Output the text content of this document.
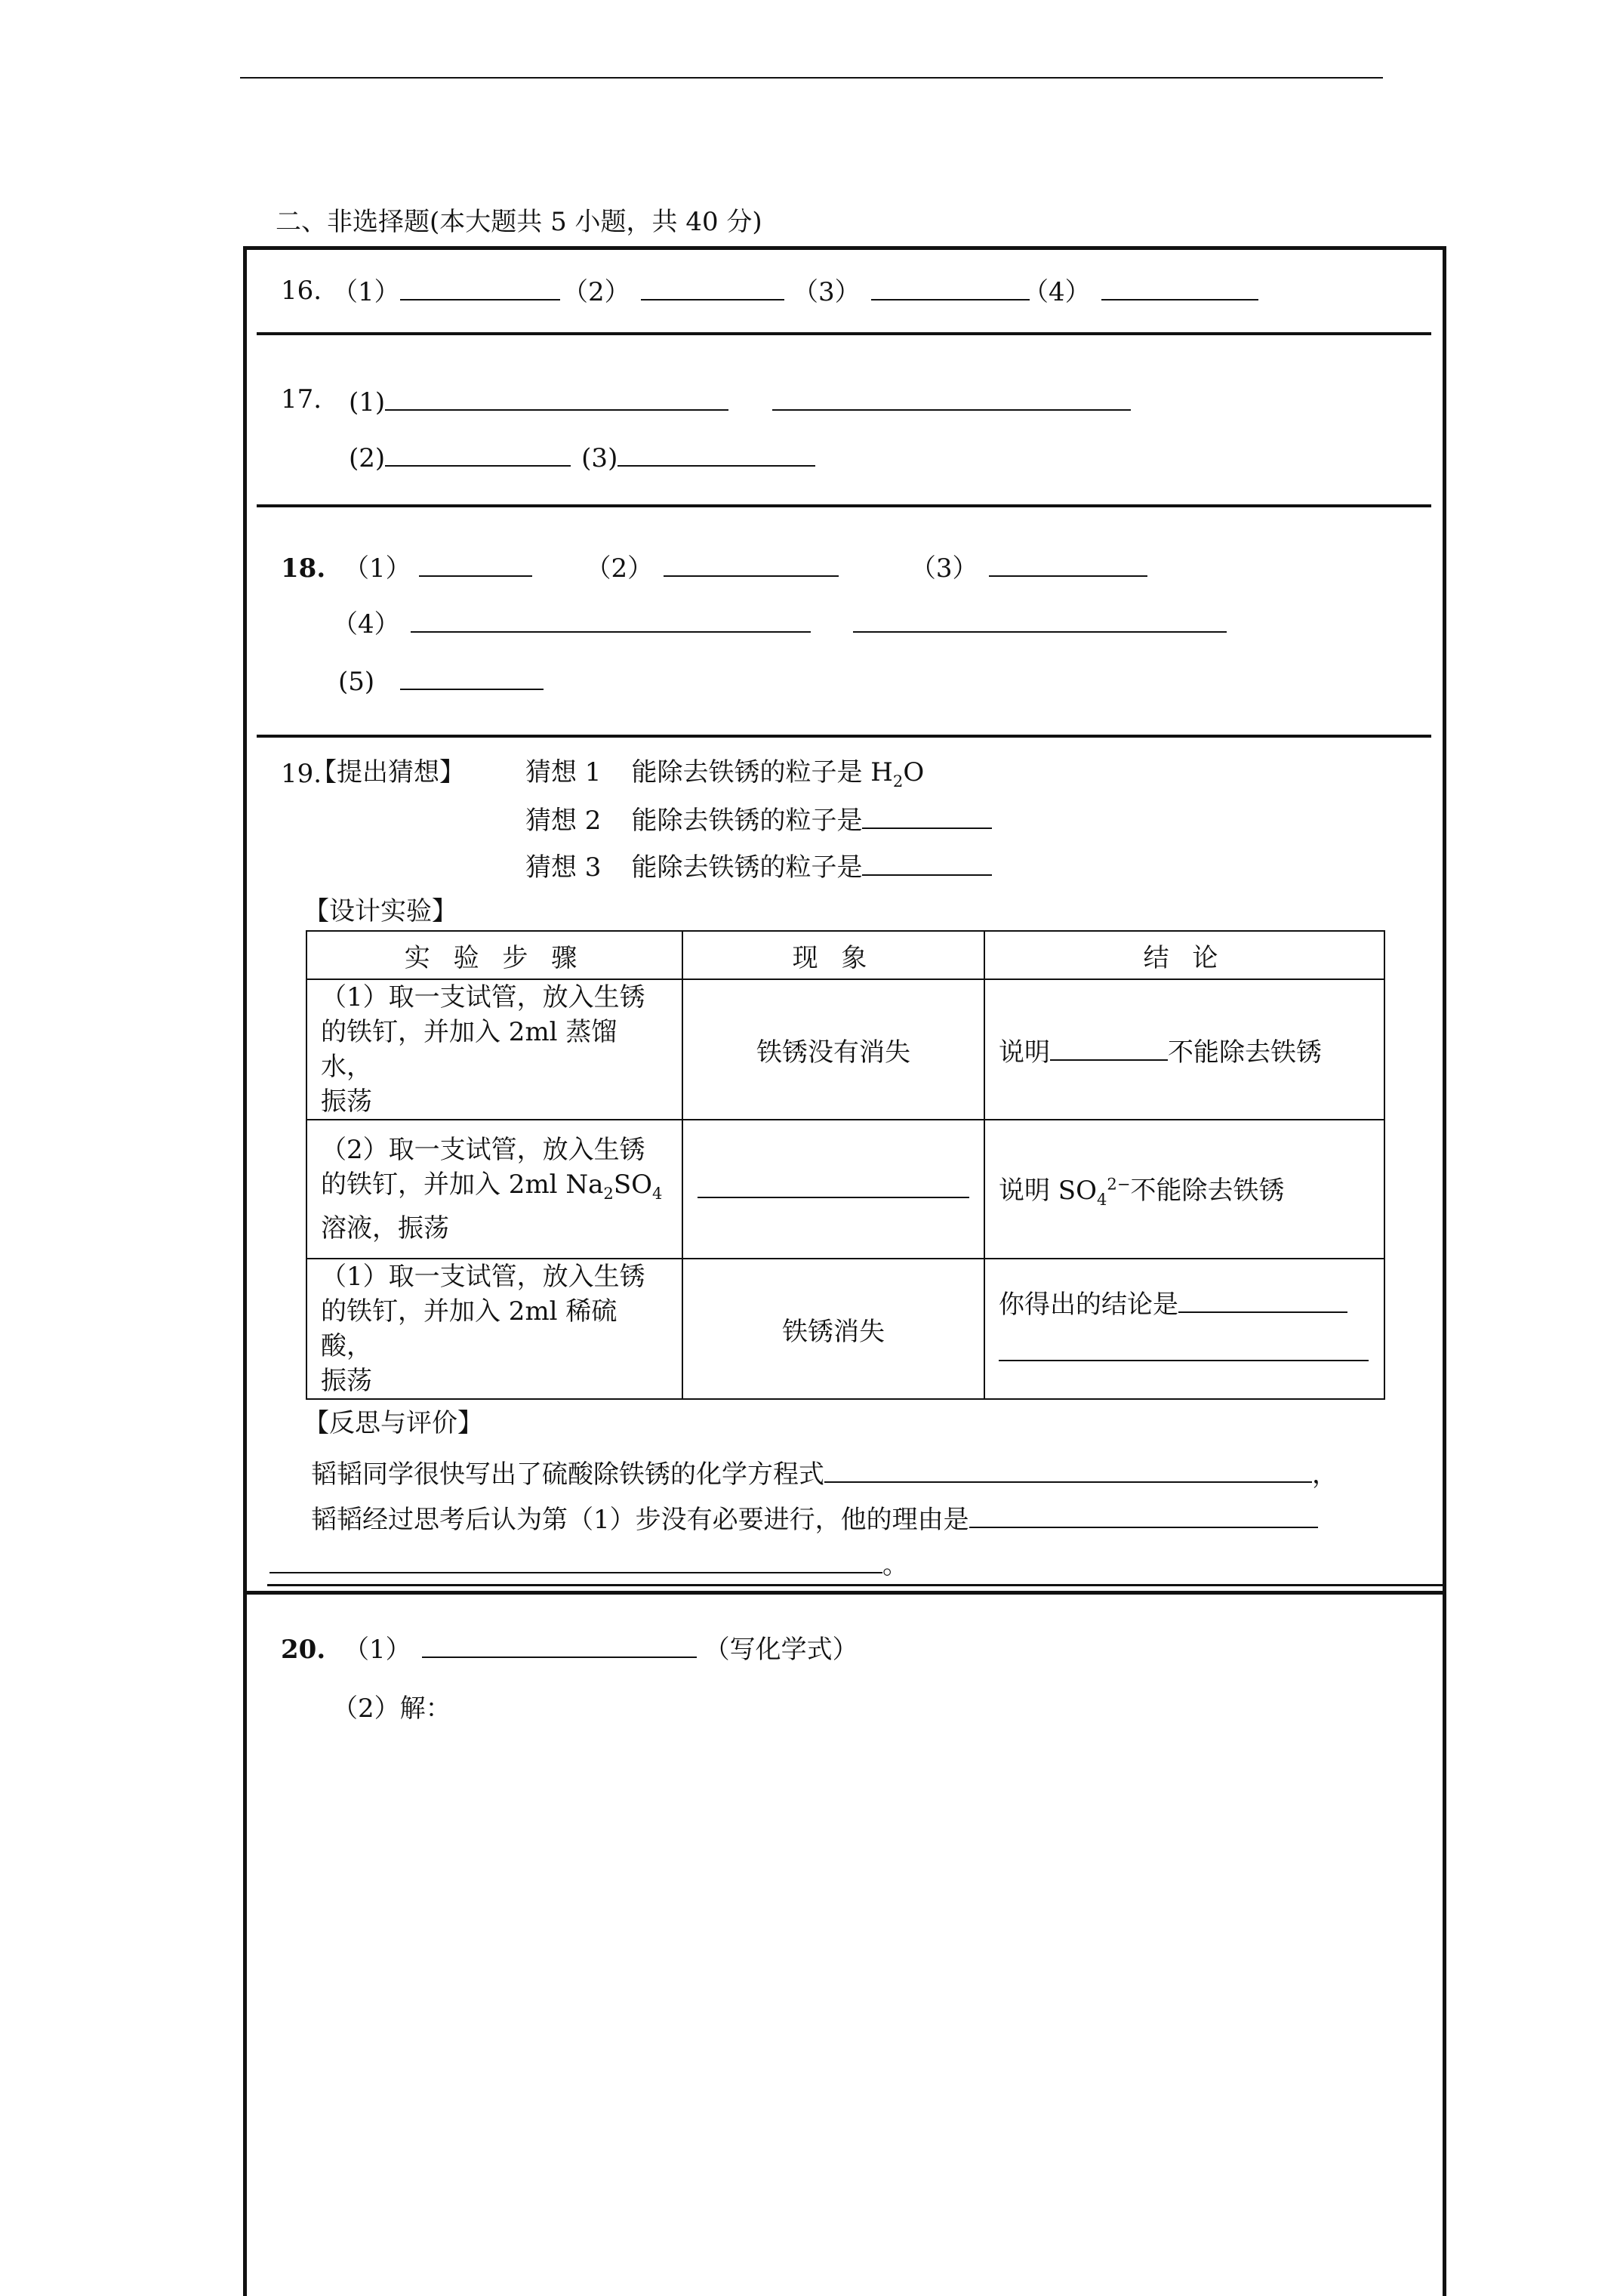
二、非选择题(本大题共 5 小题，共 40 分)
16. （1）	（2）	（3）	（4）
17. (1)
(2)	(3)
18. （1）	（2）	（3）
（4）
(5)
19.
【提出猜想】 猜想 1 能除去铁锈的粒子是 $H_2O$
猜想 2 能除去铁锈的粒子是
猜想 3 能除去铁锈的粒子是
【设计实验】
实 验 步 骤	现 象	结 论

（1）取一支试管，放入生锈
的铁钉，并加入 2ml 蒸馏水，
振荡	铁锈没有消失	说明 不能除去铁锈

（2）取一支试管，放入生锈
的铁钉，并加入 2ml $Na_2SO_4$
溶液，振荡		说明 $SO_4^{2-}$不能除去铁锈

（1）取一支试管，放入生锈
的铁钉，并加入 2ml 稀硫酸，
振荡	铁锈消失	你得出的结论是
【反思与评价】
韬韬同学很快写出了硫酸除铁锈的化学方程式	，
韬韬经过思考后认为第（1）步没有必要进行，他的理由是
。
20. （1）	（写化学式）
（2）解：
